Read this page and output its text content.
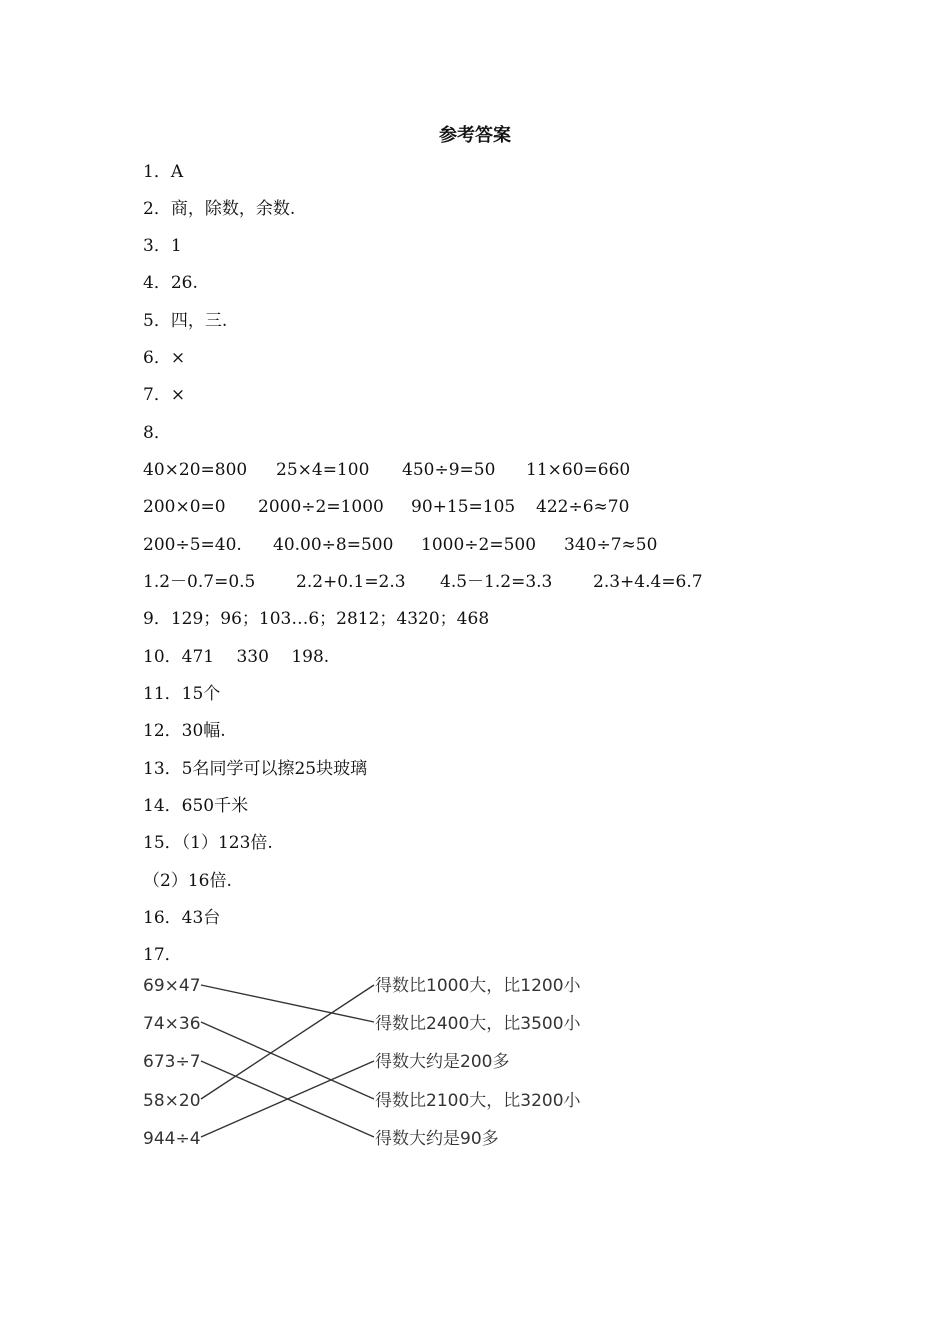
参考答案
1．A
2．商，除数，余数.
3．1
4．26.
5．四，三.
6．×
7．×
8．
40×20=800 25×4=100 450÷9=50 11×60=660
200×0=0 2000÷2=1000 90+15=105 422÷6≈70
200÷5=40. 40.00÷8=500 1000÷2=500 340÷7≈50
1.2－0.7=0.5 2.2+0.1=2.3 4.5－1.2=3.3 2.3+4.4=6.7
9．129；96；103…6；2812；4320；468
10．471　 330　 198.
11．15个
12．30幅.
13．5名同学可以擦25块玻璃
14．650千米
15．（1）123倍.
（2）16倍.
16．43台
17．
69×47
74×36
673÷7
58×20
944÷4
得数比1000大，比1200小
得数比2400大，比3500小
得数大约是200多
得数比2100大，比3200小
得数大约是90多
